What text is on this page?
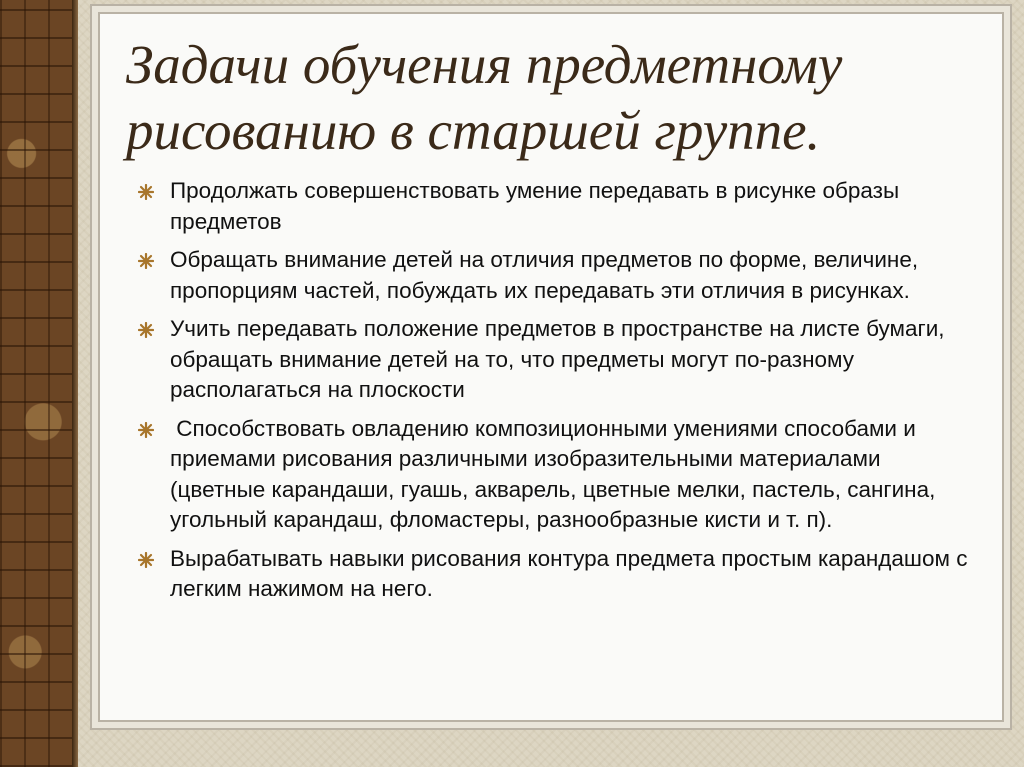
Задачи обучения предметному
рисованию в старшей группе.
Продолжать совершенствовать умение передавать в рисунке образы предметов
Обращать внимание детей на отличия предметов по форме, величине, пропорциям частей, побуждать их передавать эти отличия в рисунках.
Учить передавать положение предметов в пространстве на листе бумаги, обращать внимание детей на то, что предметы могут по-разному располагаться на плоскости
Способствовать овладению композиционными умениями способами и приемами рисования различными изобразительными материалами (цветные карандаши, гуашь, акварель, цветные мелки, пастель, сангина, угольный карандаш, фломастеры, разнообразные кисти и т. п).
Вырабатывать навыки рисования контура предмета простым карандашом с легким нажимом на него.
